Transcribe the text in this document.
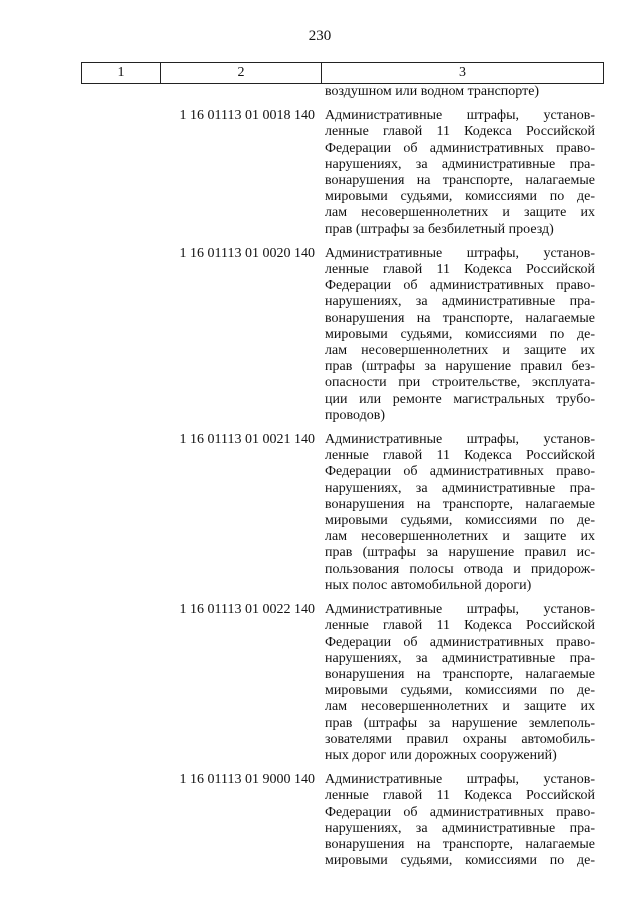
230
1	2	3
воздушном или водном транспорте)
1 16 01113 01 0018 140 Административные штрафы, установ-
ленные главой 11 Кодекса Российской
Федерации об административных право-
нарушениях, за административные пра-
вонарушения на транспорте, налагаемые
мировыми судьями, комиссиями по де-
лам несовершеннолетних и защите их
прав (штрафы за безбилетный проезд)
1 16 01113 01 0020 140 Административные штрафы, установ-
ленные главой 11 Кодекса Российской
Федерации об административных право-
нарушениях, за административные пра-
вонарушения на транспорте, налагаемые
мировыми судьями, комиссиями по де-
лам несовершеннолетних и защите их
прав (штрафы за нарушение правил без-
опасности при строительстве, эксплуата-
ции или ремонте магистральных трубо-
проводов)
1 16 01113 01 0021 140 Административные штрафы, установ-
ленные главой 11 Кодекса Российской
Федерации об административных право-
нарушениях, за административные пра-
вонарушения на транспорте, налагаемые
мировыми судьями, комиссиями по де-
лам несовершеннолетних и защите их
прав (штрафы за нарушение правил ис-
пользования полосы отвода и придорож-
ных полос автомобильной дороги)
1 16 01113 01 0022 140 Административные штрафы, установ-
ленные главой 11 Кодекса Российской
Федерации об административных право-
нарушениях, за административные пра-
вонарушения на транспорте, налагаемые
мировыми судьями, комиссиями по де-
лам несовершеннолетних и защите их
прав (штрафы за нарушение землеполь-
зователями правил охраны автомобиль-
ных дорог или дорожных сооружений)
1 16 01113 01 9000 140 Административные штрафы, установ-
ленные главой 11 Кодекса Российской
Федерации об административных право-
нарушениях, за административные пра-
вонарушения на транспорте, налагаемые
мировыми судьями, комиссиями по де-
